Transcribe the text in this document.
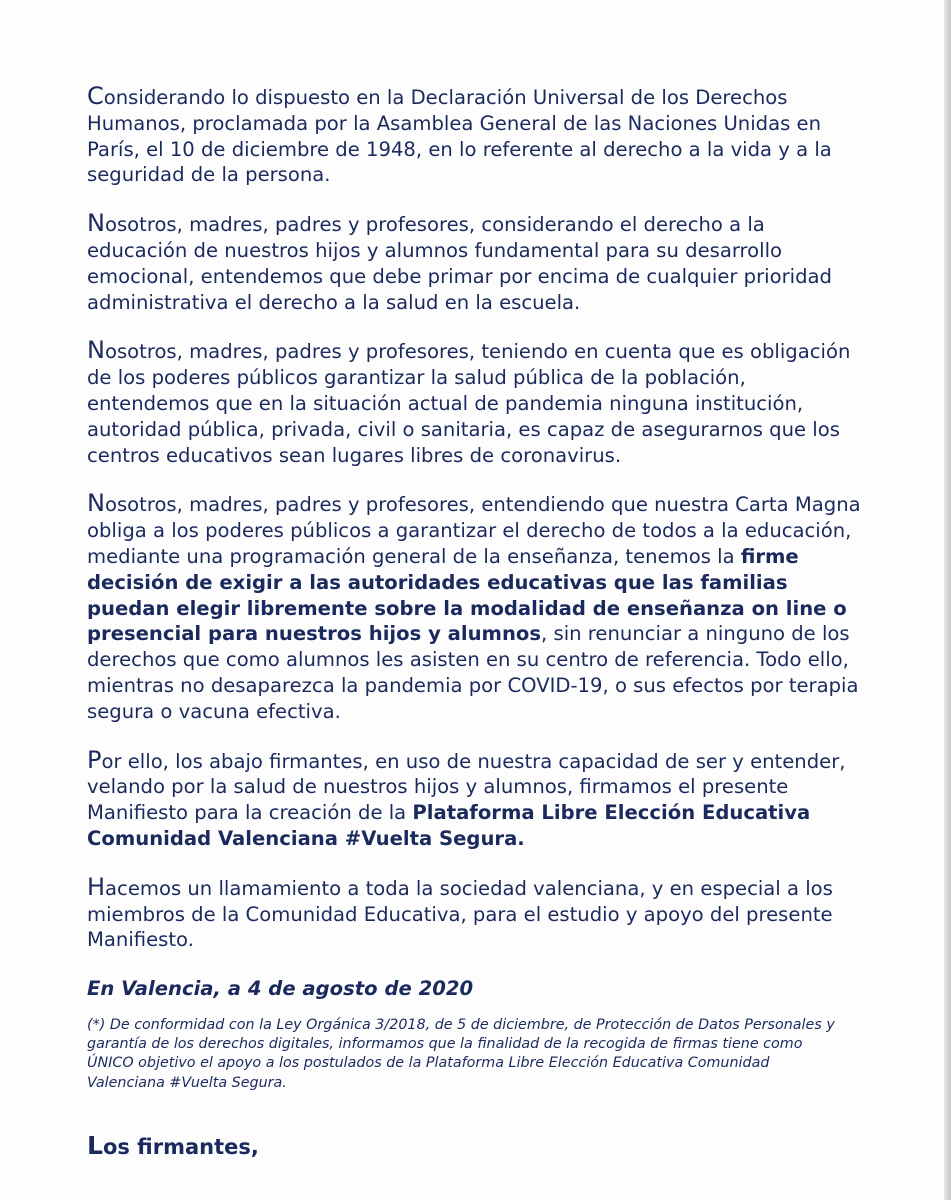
Considerando lo dispuesto en la Declaración Universal de los Derechos Humanos, proclamada por la Asamblea General de las Naciones Unidas en París, el 10 de diciembre de 1948, en lo referente al derecho a la vida y a la seguridad de la persona.

Nosotros, madres, padres y profesores, considerando el derecho a la educación de nuestros hijos y alumnos fundamental para su desarrollo emocional, entendemos que debe primar por encima de cualquier prioridad administrativa el derecho a la salud en la escuela.

Nosotros, madres, padres y profesores, teniendo en cuenta que es obligación de los poderes públicos garantizar la salud pública de la población, entendemos que en la situación actual de pandemia ninguna institución, autoridad pública, privada, civil o sanitaria, es capaz de asegurarnos que los centros educativos sean lugares libres de coronavirus.

Nosotros, madres, padres y profesores, entendiendo que nuestra Carta Magna obliga a los poderes públicos a garantizar el derecho de todos a la educación, mediante una programación general de la enseñanza, tenemos la firme decisión de exigir a las autoridades educativas que las familias puedan elegir libremente sobre la modalidad de enseñanza on line o presencial para nuestros hijos y alumnos, sin renunciar a ninguno de los derechos que como alumnos les asisten en su centro de referencia. Todo ello, mientras no desaparezca la pandemia por COVID-19, o sus efectos por terapia segura o vacuna efectiva.

Por ello, los abajo firmantes, en uso de nuestra capacidad de ser y entender, velando por la salud de nuestros hijos y alumnos, firmamos el presente Manifiesto para la creación de la Plataforma Libre Elección Educativa Comunidad Valenciana #Vuelta Segura.

Hacemos un llamamiento a toda la sociedad valenciana, y en especial a los miembros de la Comunidad Educativa, para el estudio y apoyo del presente Manifiesto.

En Valencia, a 4 de agosto de 2020

(*) De conformidad con la Ley Orgánica 3/2018, de 5 de diciembre, de Protección de Datos Personales y garantía de los derechos digitales, informamos que la finalidad de la recogida de firmas tiene como ÚNICO objetivo el apoyo a los postulados de la Plataforma Libre Elección Educativa Comunidad Valenciana #Vuelta Segura.

Los firmantes,
